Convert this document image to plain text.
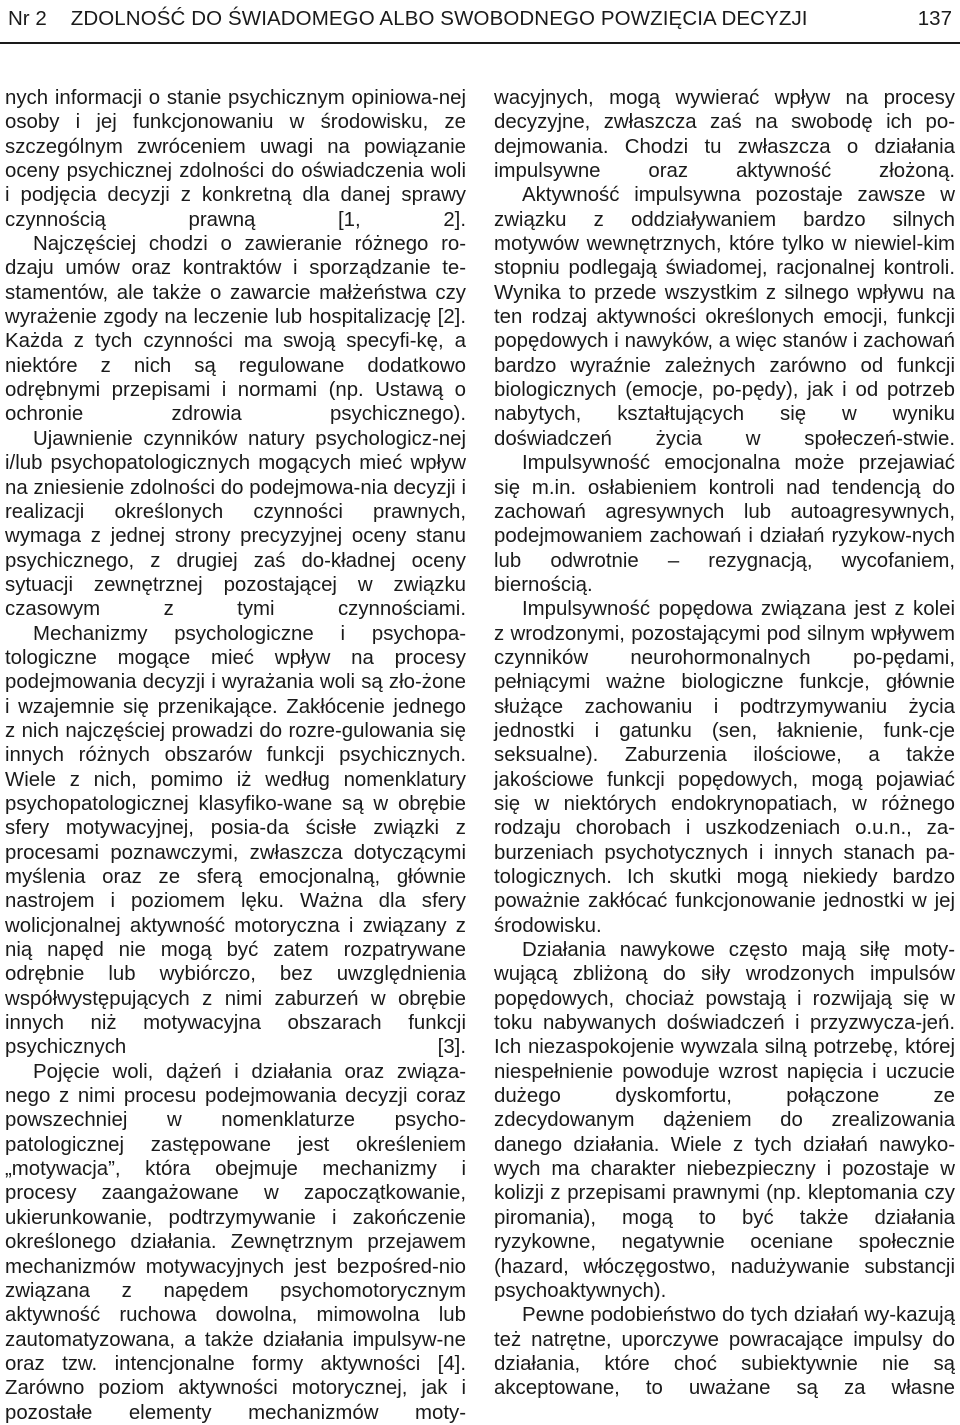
Nr 2 ZDOLNOŚĆ DO ŚWIADOMEGO ALBO SWOBODNEGO POWZIĘCIA DECYZJI	137

nych informacji o stanie psychicznym opiniowa-nej osoby i jej funkcjonowaniu w środowisku, ze szczególnym zwróceniem uwagi na powiązanie oceny psychicznej zdolności do oświadczenia woli i podjęcia decyzji z konkretną dla danej sprawy czynnością prawną [1, 2].

Najczęściej chodzi o zawieranie różnego ro-dzaju umów oraz kontraktów i sporządzanie te-stamentów, ale także o zawarcie małżeństwa czy wyrażenie zgody na leczenie lub hospitalizację [2]. Każda z tych czynności ma swoją specyfi-kę, a niektóre z nich są regulowane dodatkowo odrębnymi przepisami i normami (np. Ustawą o ochronie zdrowia psychicznego).

Ujawnienie czynników natury psychologicz-nej i/lub psychopatologicznych mogących mieć wpływ na zniesienie zdolności do podejmowa-nia decyzji i realizacji określonych czynności prawnych, wymaga z jednej strony precyzyjnej oceny stanu psychicznego, z drugiej zaś do-kładnej oceny sytuacji zewnętrznej pozostającej w związku czasowym z tymi czynnościami.

Mechanizmy psychologiczne i psychopa-tologiczne mogące mieć wpływ na procesy podejmowania decyzji i wyrażania woli są zło-żone i wzajemnie się przenikające. Zakłócenie jednego z nich najczęściej prowadzi do rozre-gulowania się innych różnych obszarów funkcji psychicznych. Wiele z nich, pomimo iż według nomenklatury psychopatologicznej klasyfiko-wane są w obrębie sfery motywacyjnej, posia-da ścisłe związki z procesami poznawczymi, zwłaszcza dotyczącymi myślenia oraz ze sferą emocjonalną, głównie nastrojem i poziomem lęku. Ważna dla sfery wolicjonalnej aktywność motoryczna i związany z nią napęd nie mogą być zatem rozpatrywane odrębnie lub wybiórczo, bez uwzględnienia współwystępujących z nimi zaburzeń w obrębie innych niż motywacyjna obszarach funkcji psychicznych [3].

Pojęcie woli, dążeń i działania oraz związa-nego z nimi procesu podejmowania decyzji coraz powszechniej w nomenklaturze psycho-patologicznej zastępowane jest określeniem „motywacja”, która obejmuje mechanizmy i procesy zaangażowane w zapoczątkowanie, ukierunkowanie, podtrzymywanie i zakończenie określonego działania. Zewnętrznym przejawem mechanizmów motywacyjnych jest bezpośred-nio związana z napędem psychomotorycznym aktywność ruchowa dowolna, mimowolna lub zautomatyzowana, a także działania impulsyw-ne oraz tzw. intencjonalne formy aktywności [4]. Zarówno poziom aktywności motorycznej, jak i pozostałe elementy mechanizmów moty-

wacyjnych, mogą wywierać wpływ na procesy decyzyjne, zwłaszcza zaś na swobodę ich po-dejmowania. Chodzi tu zwłaszcza o działania impulsywne oraz aktywność złożoną.

Aktywność impulsywna pozostaje zawsze w związku z oddziaływaniem bardzo silnych motywów wewnętrznych, które tylko w niewiel-kim stopniu podlegają świadomej, racjonalnej kontroli. Wynika to przede wszystkim z silnego wpływu na ten rodzaj aktywności określonych emocji, funkcji popędowych i nawyków, a więc stanów i zachowań bardzo wyraźnie zależnych zarówno od funkcji biologicznych (emocje, po-pędy), jak i od potrzeb nabytych, kształtujących się w wyniku doświadczeń życia w społeczeń-stwie.

Impulsywność emocjonalna może przejawiać się m.in. osłabieniem kontroli nad tendencją do zachowań agresywnych lub autoagresywnych, podejmowaniem zachowań i działań ryzykow-nych lub odwrotnie – rezygnacją, wycofaniem, biernością.

Impulsywność popędowa związana jest z kolei z wrodzonymi, pozostającymi pod silnym wpływem czynników neurohormonalnych po-pędami, pełniącymi ważne biologiczne funkcje, głównie służące zachowaniu i podtrzymywaniu życia jednostki i gatunku (sen, łaknienie, funk-cje seksualne). Zaburzenia ilościowe, a także jakościowe funkcji popędowych, mogą pojawiać się w niektórych endokrynopatiach, w różnego rodzaju chorobach i uszkodzeniach o.u.n., za-burzeniach psychotycznych i innych stanach pa-tologicznych. Ich skutki mogą niekiedy bardzo poważnie zakłócać funkcjonowanie jednostki w jej środowisku.

Działania nawykowe często mają siłę moty-wującą zbliżoną do siły wrodzonych impulsów popędowych, chociaż powstają i rozwijają się w toku nabywanych doświadczeń i przyzwycza-jeń. Ich niezaspokojenie wywzala silną potrzebę, której niespełnienie powoduje wzrost napięcia i uczucie dużego dyskomfortu, połączone ze zdecydowanym dążeniem do zrealizowania danego działania. Wiele z tych działań nawyko-wych ma charakter niebezpieczny i pozostaje w kolizji z przepisami prawnymi (np. kleptomania czy piromania), mogą to być także działania ryzykowne, negatywnie oceniane społecznie (hazard, włóczęgostwo, nadużywanie substancji psychoaktywnych).

Pewne podobieństwo do tych działań wy-kazują też natrętne, uporczywe powracające impulsy do działania, które choć subiektywnie nie są akceptowane, to uważane są za własne
